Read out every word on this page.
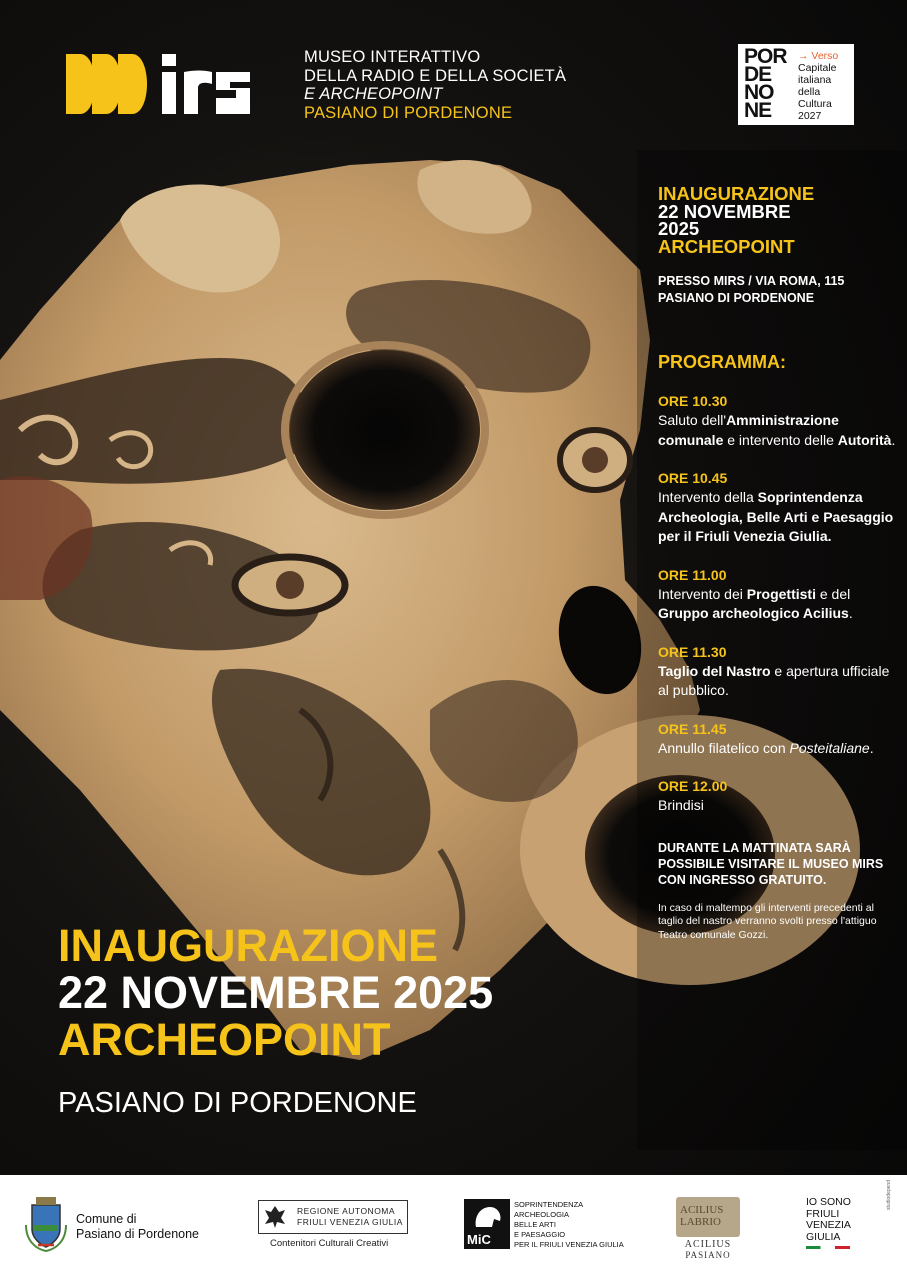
MUSEO INTERATTIVO
DELLA RADIO E DELLA SOCIETÀ
E ARCHEOPOINT
PASIANO DI PORDENONE
POR
DE
NO
NE
→ Verso
Capitale
italiana
della
Cultura
2027
INAUGURAZIONE
22 NOVEMBRE
2025
ARCHEOPOINT
PRESSO MIRS / VIA ROMA, 115
PASIANO DI PORDENONE
PROGRAMMA:
ORE 10.30
Saluto dell'Amministrazione comunale e intervento delle Autorità.
ORE 10.45
Intervento della Soprintendenza Archeologia, Belle Arti e Paesaggio per il Friuli Venezia Giulia.
ORE 11.00
Intervento dei Progettisti e del Gruppo archeologico Acilius.
ORE 11.30
Taglio del Nastro e apertura ufficiale al pubblico.
ORE 11.45
Annullo filatelico con Posteitaliane.
ORE 12.00
Brindisi
DURANTE LA MATTINATA SARÀ POSSIBILE VISITARE IL MUSEO MIRS CON INGRESSO GRATUITO.
In caso di maltempo gli interventi precedenti al taglio del nastro verranno svolti presso l'attiguo Teatro comunale Gozzi.
INAUGURAZIONE
22 NOVEMBRE 2025
ARCHEOPOINT
PASIANO DI PORDENONE
Comune di
Pasiano di Pordenone
REGIONE AUTONOMA
FRIULI VENEZIA GIULIA
Contenitori Culturali Creativi	MiC
SOPRINTENDENZA
ARCHEOLOGIA
BELLE ARTI
E PAESAGGIO
PER IL FRIULI VENEZIA GIULIA
ACILIUS LABRIO
ACILIUS
PASIANO
IO SONO
FRIULI
VENEZIA
GIULIA
studiodepend
